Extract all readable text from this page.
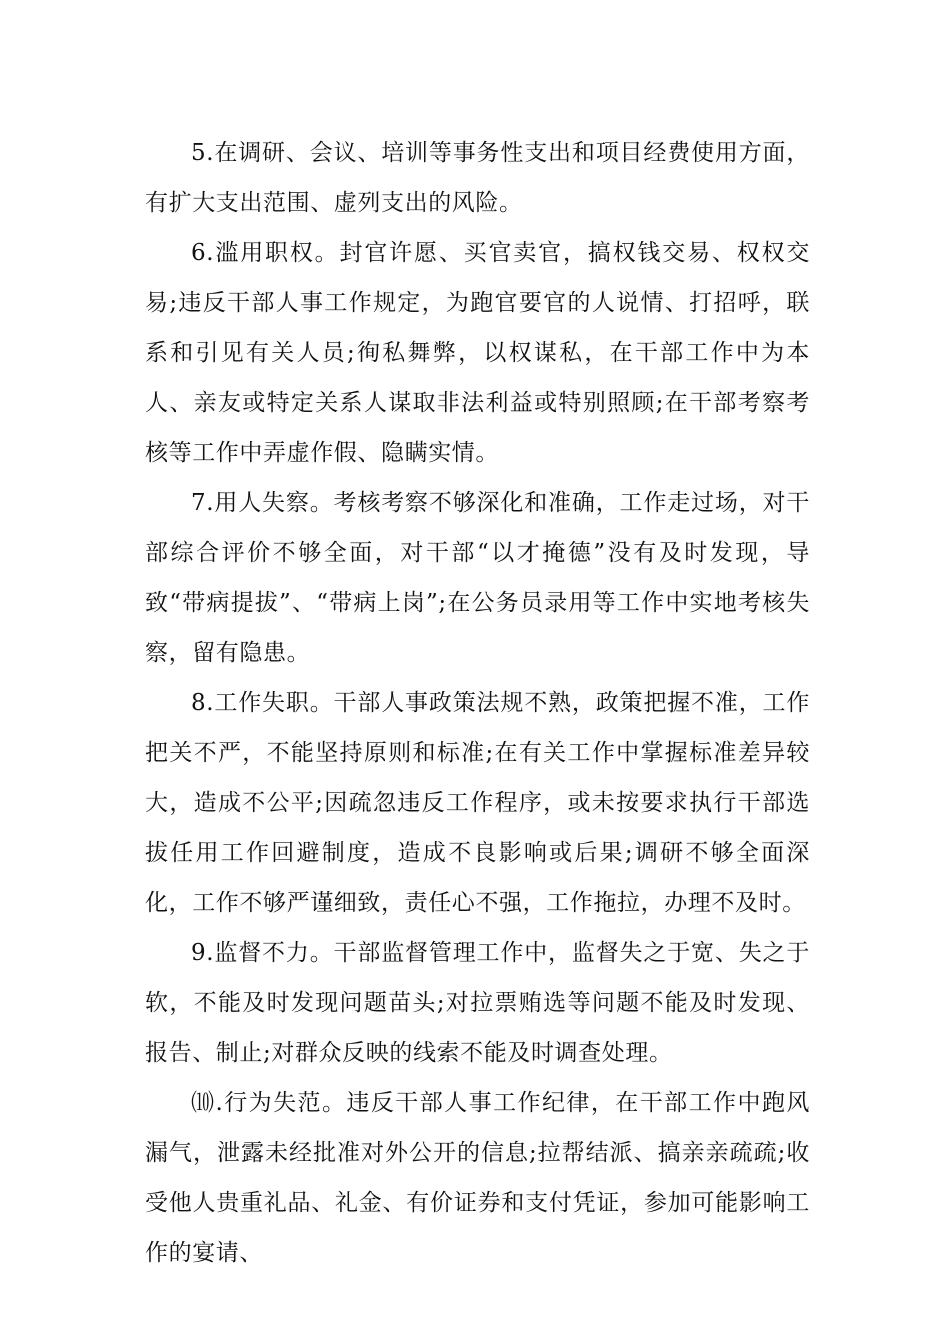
5.在调研、会议、培训等事务性支出和项目经费使用方面，有扩大支出范围、虚列支出的风险。

6.滥用职权。封官许愿、买官卖官，搞权钱交易、权权交易;违反干部人事工作规定，为跑官要官的人说情、打招呼，联系和引见有关人员;徇私舞弊，以权谋私，在干部工作中为本人、亲友或特定关系人谋取非法利益或特别照顾;在干部考察考核等工作中弄虚作假、隐瞒实情。

7.用人失察。考核考察不够深化和准确，工作走过场，对干部综合评价不够全面，对干部“以才掩德”没有及时发现，导致“带病提拔”、“带病上岗”;在公务员录用等工作中实地考核失察，留有隐患。

8.工作失职。干部人事政策法规不熟，政策把握不准，工作把关不严，不能坚持原则和标准;在有关工作中掌握标准差异较大，造成不公平;因疏忽违反工作程序，或未按要求执行干部选拔任用工作回避制度，造成不良影响或后果;调研不够全面深化，工作不够严谨细致，责任心不强，工作拖拉，办理不及时。

9.监督不力。干部监督管理工作中，监督失之于宽、失之于软，不能及时发现问题苗头;对拉票贿选等问题不能及时发现、报告、制止;对群众反映的线索不能及时调查处理。

⑽.行为失范。违反干部人事工作纪律，在干部工作中跑风漏气，泄露未经批准对外公开的信息;拉帮结派、搞亲亲疏疏;收受他人贵重礼品、礼金、有价证券和支付凭证，参加可能影响工作的宴请、
